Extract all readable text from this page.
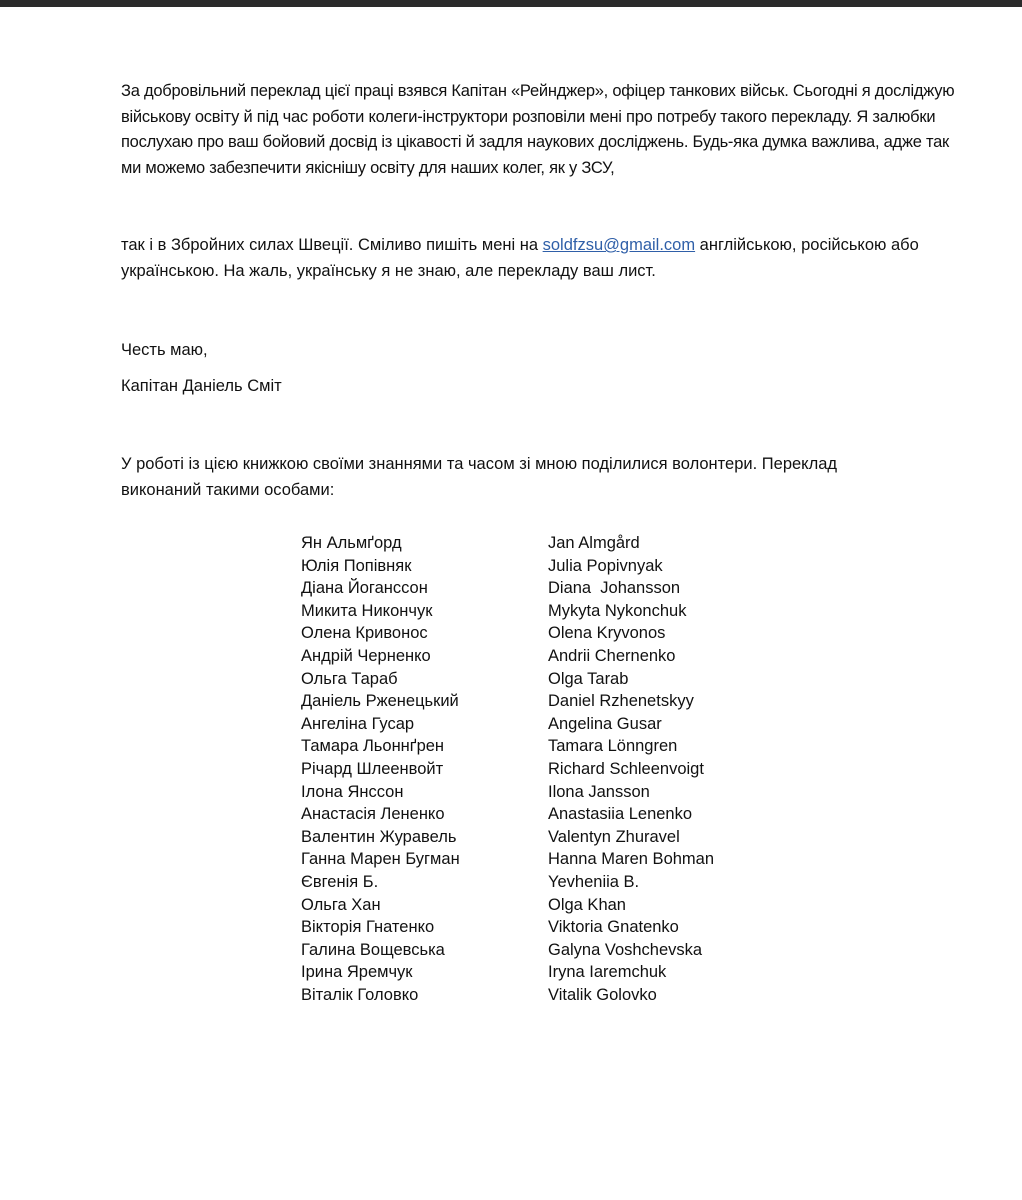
За добровільний переклад цієї праці взявся Капітан «Рейнджер», офіцер танкових військ. Сьогодні я досліджую військову освіту й під час роботи колеги-інструктори розповіли мені про потребу такого перекладу. Я залюбки послухаю про ваш бойовий досвід із цікавості й задля наукових досліджень. Будь-яка думка важлива, адже так ми можемо забезпечити якіснішу освіту для наших колег, як у ЗСУ,

так і в Збройних силах Швеції. Сміливо пишіть мені на soldfzsu@gmail.com англійською, російською або українською. На жаль, українську я не знаю, але перекладу ваш лист.

Честь маю,

Капітан Даніель Сміт

У роботі із цією книжкою своїми знаннями та часом зі мною поділилися волонтери. Переклад виконаний такими особами:

Ян Альмґорд
Юлія Попівняк
Діана Йоганссон
Микита Никончук
Олена Кривонос
Андрій Черненко
Ольга Тараб
Даніель Рженецький
Ангеліна Гусар
Тамара Льоннґрен
Річард Шлеенвойт
Ілона Янссон
Анастасія Лененко
Валентин Журавель
Ганна Марен Бугман
Євгенія Б.
Ольга Хан
Вікторія Гнатенко
Галина Вощевська
Ірина Яремчук
Віталік Головко
Jan Almgård
Julia Popivnyak
Diana  Johansson
Mykyta Nykonchuk
Olena Kryvonos
Andrii Chernenko
Olga Tarab
Daniel Rzhenetskyy
Angelina Gusar
Tamara Lönngren
Richard Schleenvoigt
Ilona Jansson
Anastasiia Lenenko
Valentyn Zhuravel
Hanna Maren Bohman
Yevheniia B.
Olga Khan
Viktoria Gnatenko
Galyna Voshchevska
Iryna Iaremchuk
Vitalik Golovko
